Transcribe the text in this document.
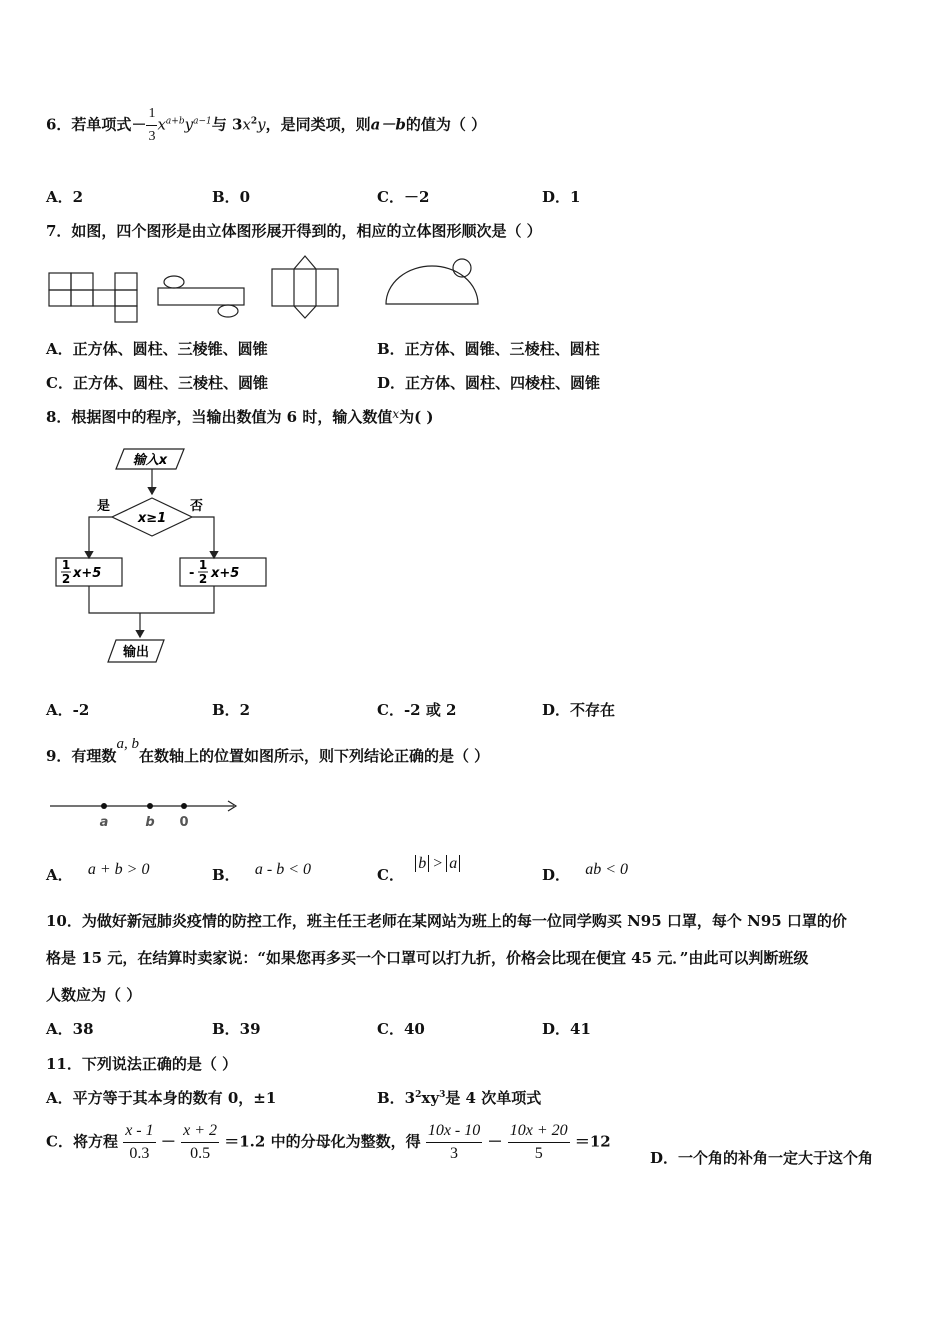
6．若单项式－ $\frac{1}{3} x^{a+b}y^{a-1}$与 $3x^2y$，是同类项，则a－b的值为（ ）
A．2	B．0	C．－2	D．1
7．如图，四个图形是由立体图形展开得到的，相应的立体图形顺次是（ ）
A．正方体、圆柱、三棱锥、圆锥	B．正方体、圆锥、三棱柱、圆柱
C．正方体、圆柱、三棱柱、圆锥	D．正方体、圆柱、四棱柱、圆锥
8．根据图中的程序，当输出数值为 6 时，输入数值$^x$为( )
输入x
x≥1
是	否
1
2 x+5	-
1
2 x+5
输出
A．-2	B．2	C．-2 或 2	D．不存在
9．有理数a, b在数轴上的位置如图所示，则下列结论正确的是（ ）
a	b 0
A． a + b > 0	B． a - b < 0	C． b > a
D． ab < 0
10．为做好新冠肺炎疫情的防控工作，班主任王老师在某网站为班上的每一位同学购买 N95 口罩，每个 N95 口罩的价
格是 15 元，在结算时卖家说：“如果您再多买一个口罩可以打九折，价格会比现在便宜 45 元．”由此可以判断班级
人数应为（ ）
A．38	B．39	C．40	D．41
11．下列说法正确的是（ ）
A．平方等于其本身的数有 0，±1	B．$3^2xy^3$是 4 次单项式
C．将方程 $\frac{x - 1}{0.3} - \frac{x + 2}{0.5} =1.2$ 中的分母化为整数，得 $\frac{10x - 10}{3} - \frac{10x + 20}{5} =12$
D．一个角的补角一定大于这个角
